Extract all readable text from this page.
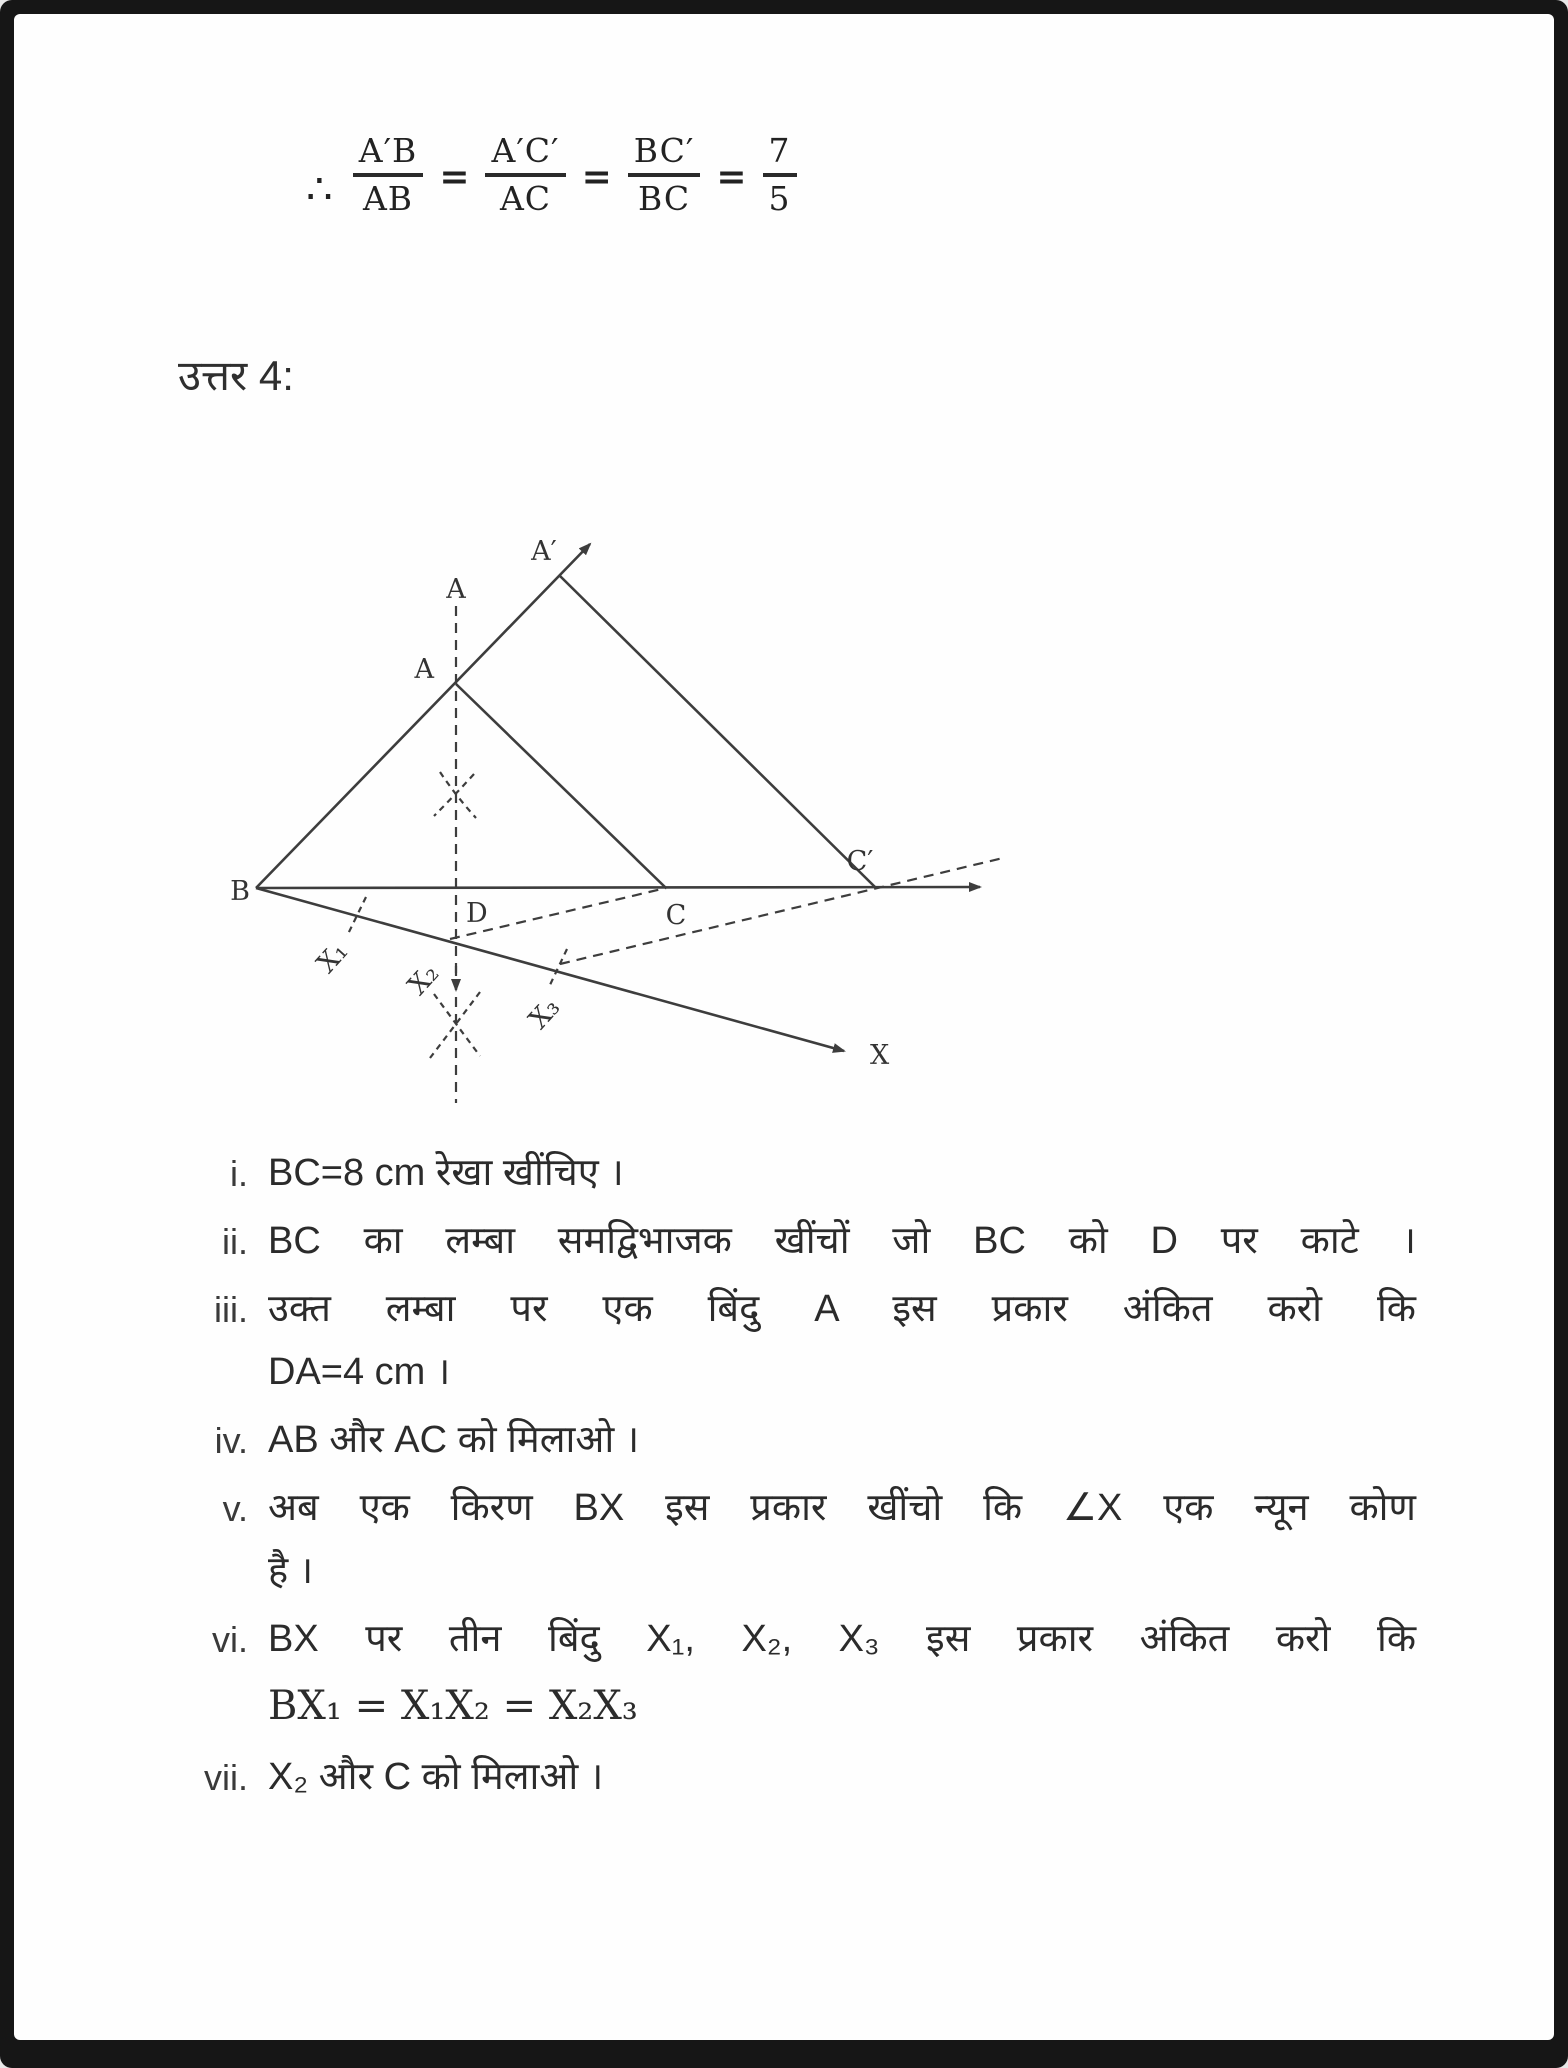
∴ $\frac{A'B}{AB} = \frac{A'C'}{AC} = \frac{BC'}{BC} = \frac{7}{5}$
उत्तर 4:
A′
A
A
B
D	C
C′
X₁
X₂
X₃
X
i. BC=8 cm रेखा खींचिए ।
ii. BC का लम्बा समद्विभाजक खींचों जो BC को D पर काटे ।
iii. उक्त लम्बा पर एक बिंदु A इस प्रकार अंकित करो कि
DA=4 cm ।
iv. AB और AC को मिलाओ ।
v. अब एक किरण BX इस प्रकार खींचो कि ∠X एक न्यून कोण
है ।
vi. BX पर तीन बिंदु X₁, X₂, X₃ इस प्रकार अंकित करो कि
BX₁ = X₁X₂ = X₂X₃
vii. X₂ और C को मिलाओ ।
